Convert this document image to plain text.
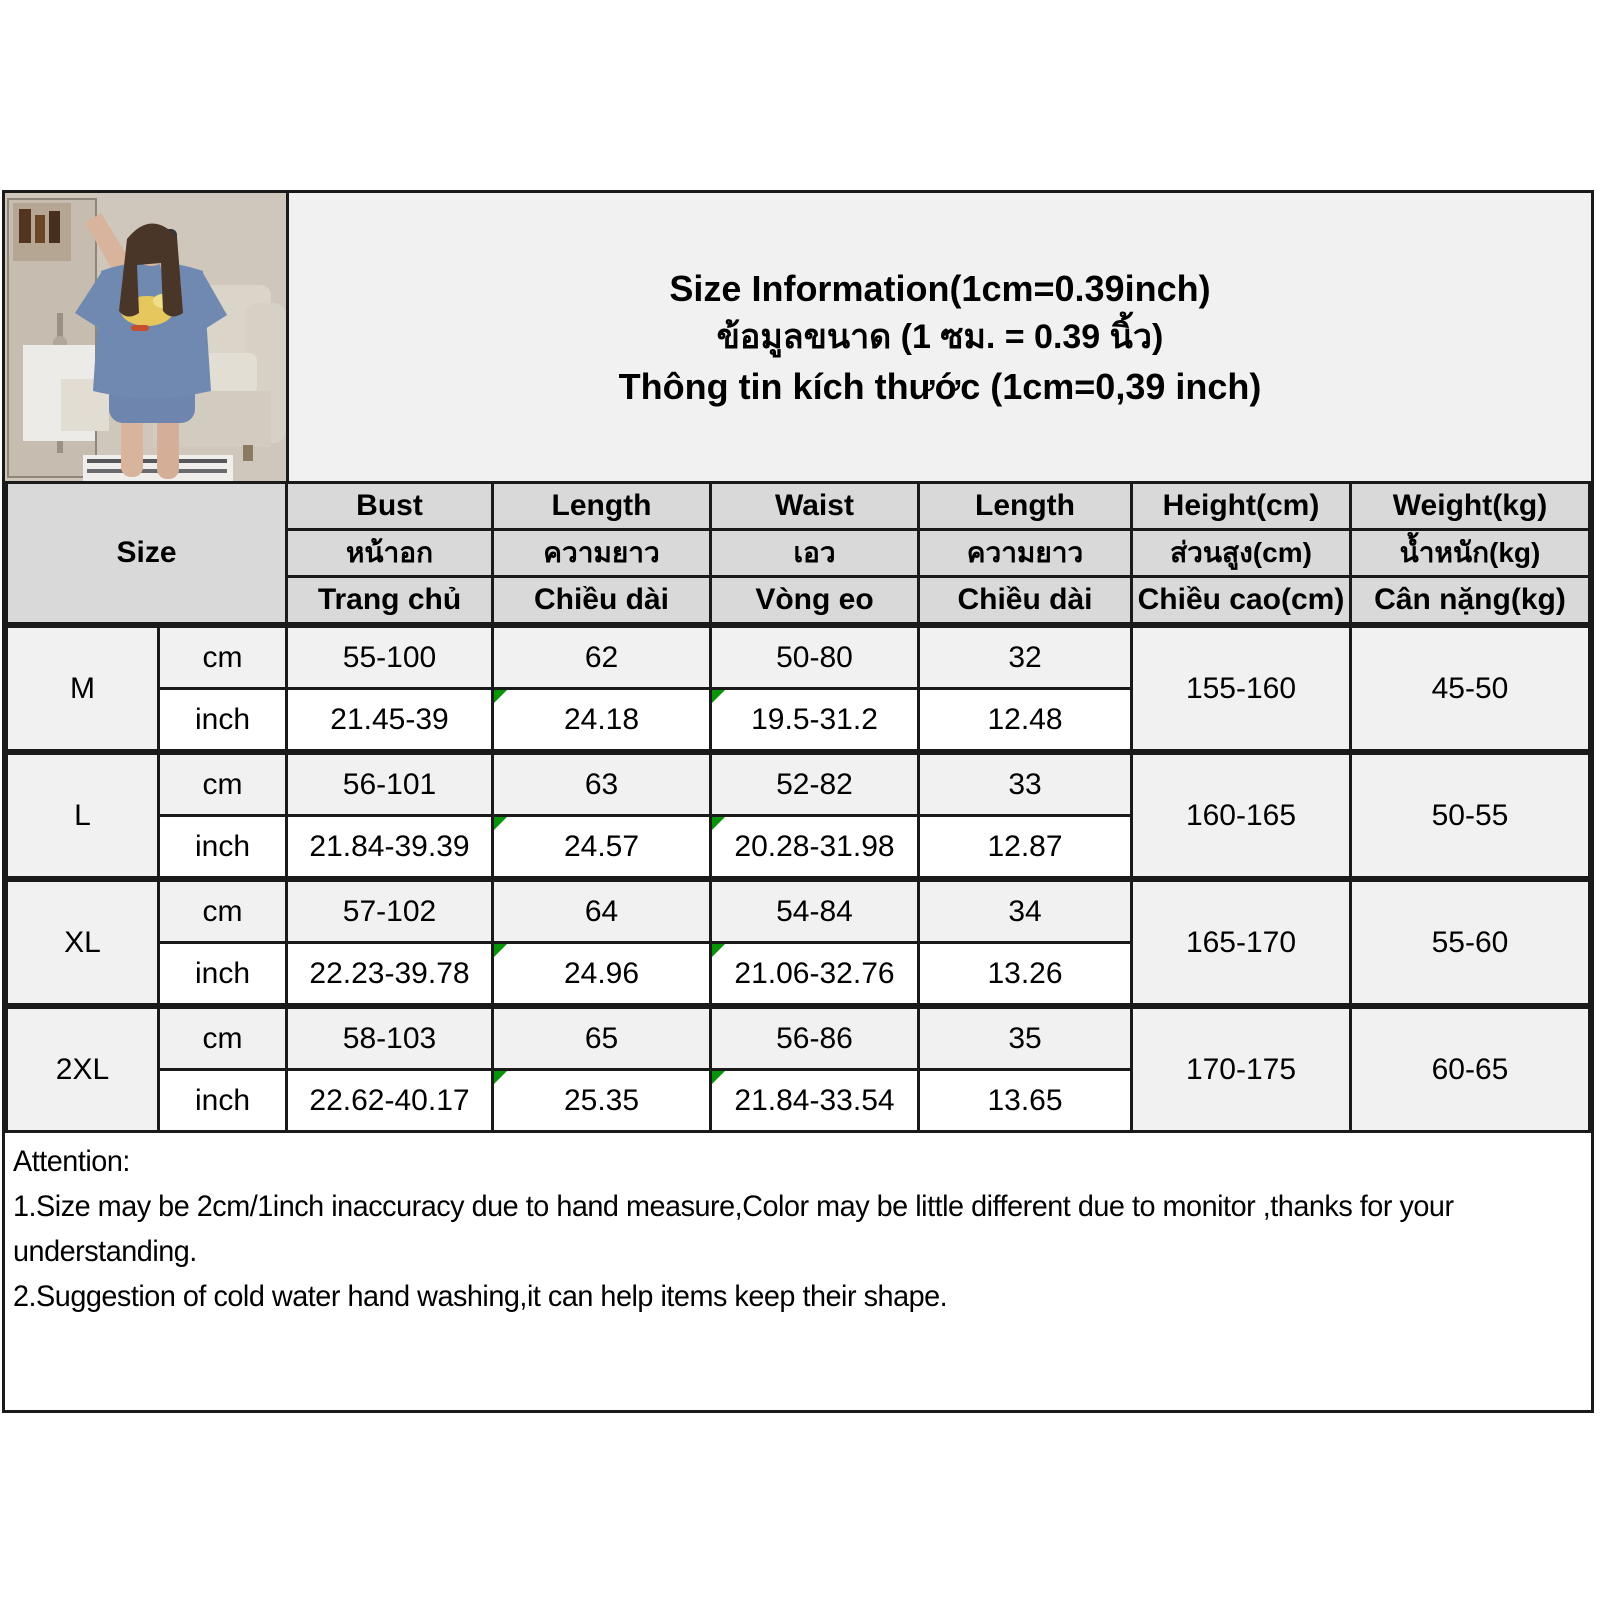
Size Information(1cm=0.39inch)
ข้อมูลขนาด (1 ซม. = 0.39 นิ้ว)
Thông tin kích thước (1cm=0,39 inch)
Size		Bust	Length	Waist	Length	Height(cm)	Weight(kg)
		หน้าอก	ความยาว	เอว	ความยาว	ส่วนสูง(cm)	น้ำหนัก(kg)
		Trang chủ	Chiều dài	Vòng eo	Chiều dài	Chiều cao(cm)	Cân nặng(kg)
M	cm	55-100	62	50-80	32	155-160	45-50
	inch	21.45-39	24.18	19.5-31.2	12.48		
L	cm	56-101	63	52-82	33	160-165	50-55
	inch	21.84-39.39	24.57	20.28-31.98	12.87		
XL	cm	57-102	64	54-84	34	165-170	55-60
	inch	22.23-39.78	24.96	21.06-32.76	13.26		
2XL	cm	58-103	65	56-86	35	170-175	60-65
	inch	22.62-40.17	25.35	21.84-33.54	13.65		

Attention:

1.Size may be 2cm/1inch inaccuracy due to hand measure,Color may be little different due to monitor ,thanks for your understanding.

2.Suggestion of cold water hand washing,it can help items keep their shape.
